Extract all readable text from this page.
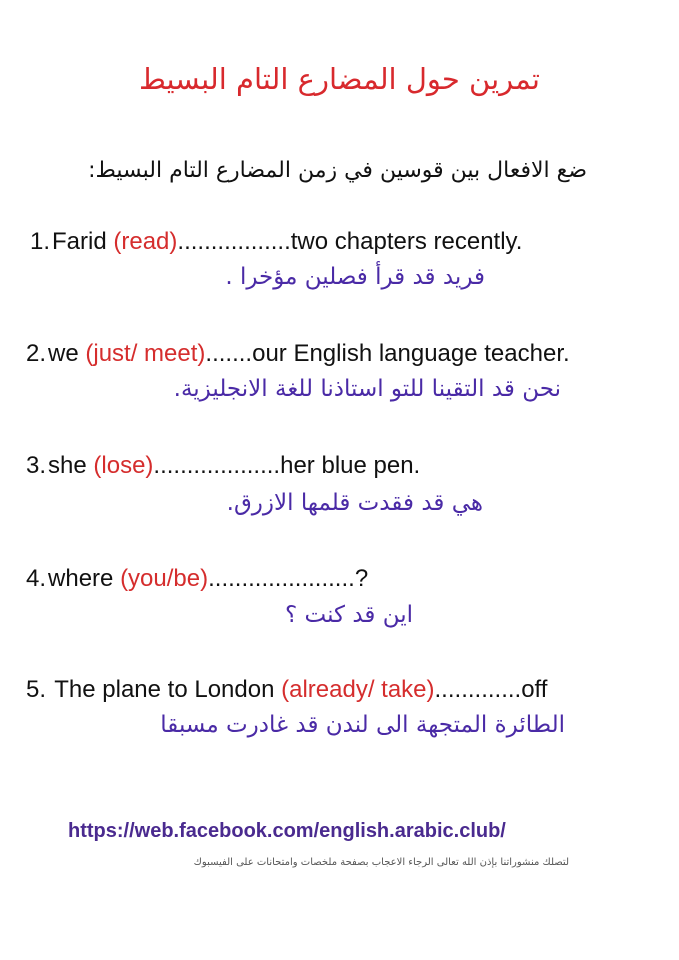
تمرين حول المضارع التام البسيط
ضع الافعال بين قوسين في زمن المضارع التام البسيط:
1.Farid (read).................two chapters recently.
فريد قد قرأ فصلين مؤخرا .
2.we (just/ meet).......our English language teacher.
نحن قد التقينا للتو استاذنا للغة الانجليزية.
3.she (lose)...................her blue pen.
هي قد فقدت قلمها الازرق.
4.where (you/be)......................?
اين قد كنت ؟
5. The plane to London (already/ take).............off
الطائرة المتجهة الى لندن قد غادرت مسبقا
https://web.facebook.com/english.arabic.club/
لتصلك منشوراتنا بإذن الله تعالى الرجاء الاعجاب بصفحة ملخصات وامتحانات على الفيسبوك
